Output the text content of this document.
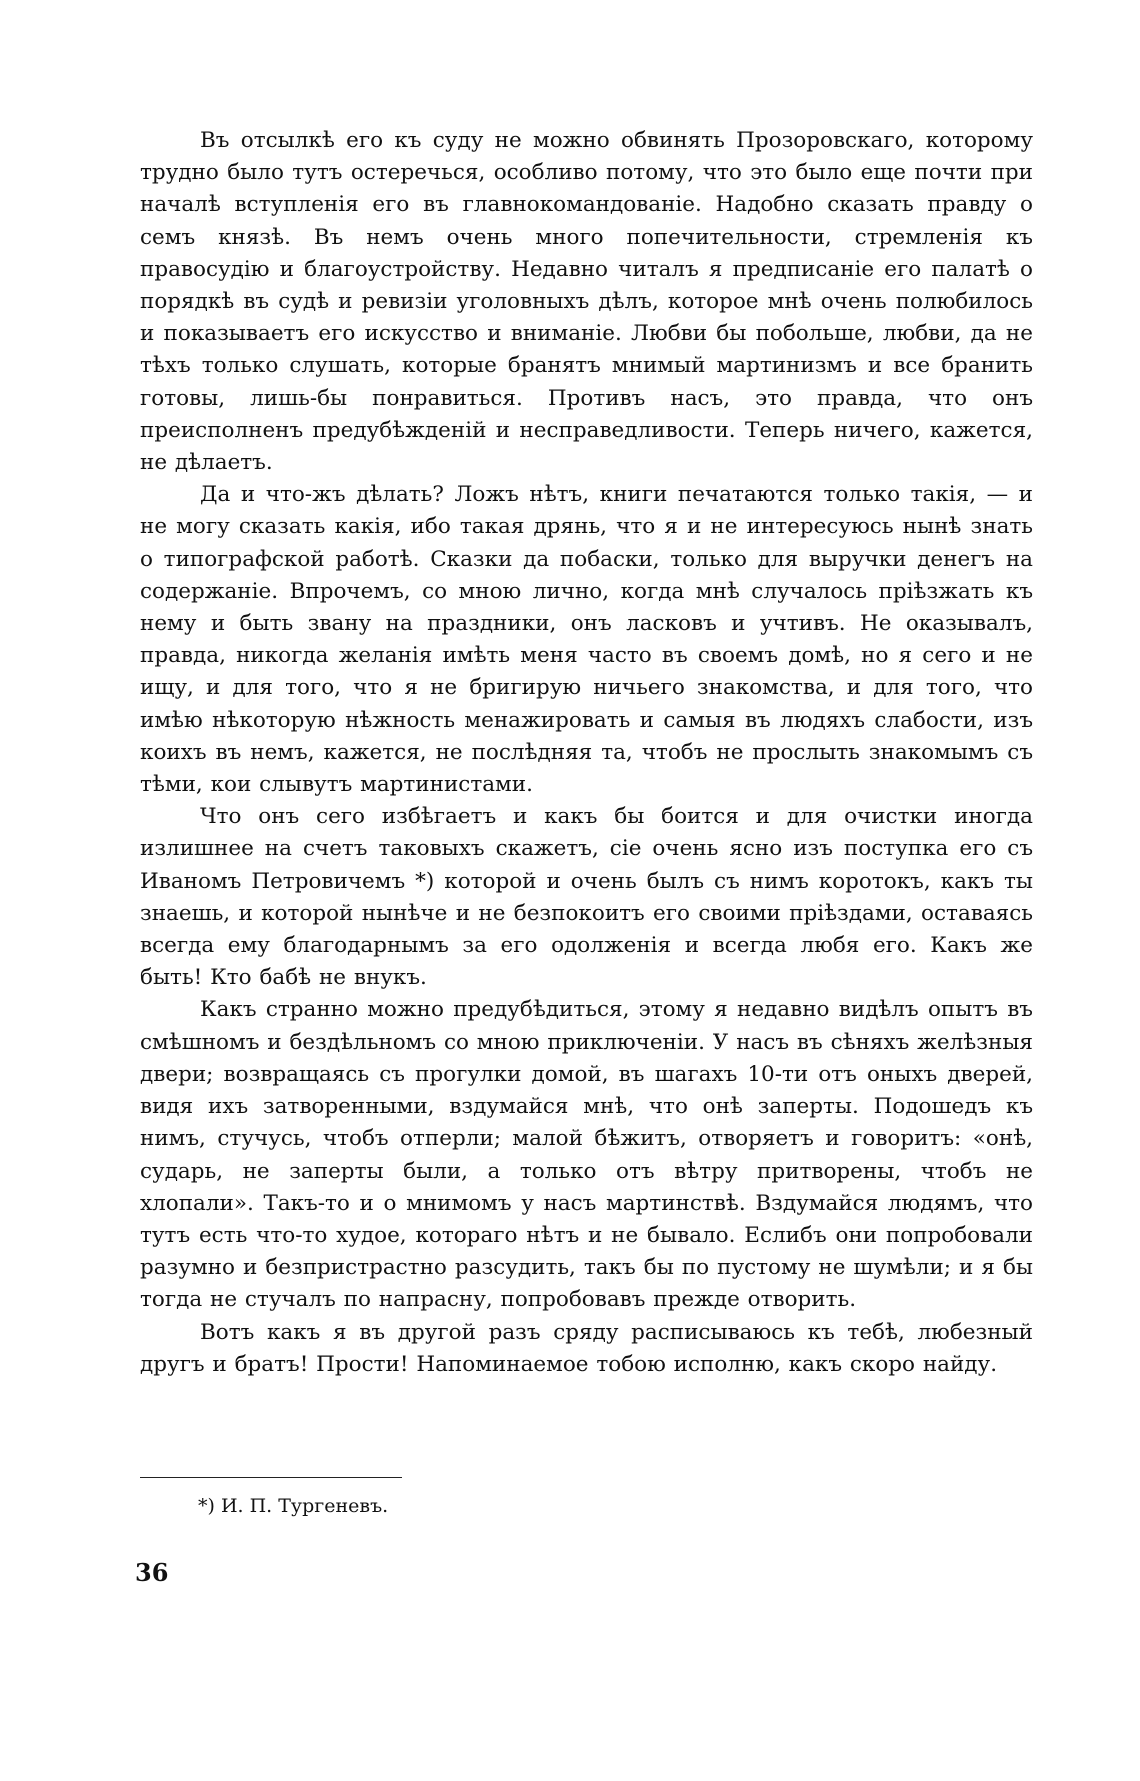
Въ отсылкѣ его къ суду не можно обвинять Прозоровскаго, которому трудно было тутъ остеречься, особливо потому, что это было еще почти при началѣ вступленія его въ главнокомандованіе. Надобно сказать правду о семъ князѣ. Въ немъ очень много попечительности, стремленія къ правосудію и благоустройству. Недавно читалъ я предписаніе его палатѣ о порядкѣ въ судѣ и ревизіи уголовныхъ дѣлъ, которое мнѣ очень полюбилось и показываетъ его искусство и вниманіе. Любви бы побольше, любви, да не тѣхъ только слушать, которые бранятъ мнимый мартинизмъ и все бранить готовы, лишь-бы понравиться. Противъ насъ, это правда, что онъ преисполненъ предубѣжденій и несправедливости. Теперь ничего, кажется, не дѣлаетъ.

Да и что-жъ дѣлать? Ложъ нѣтъ, книги печатаются только такія, — и не могу сказать какія, ибо такая дрянь, что я и не интересуюсь нынѣ знать о типографской работѣ. Сказки да побаски, только для выручки денегъ на содержаніе. Впрочемъ, со мною лично, когда мнѣ случалось пріѣзжать къ нему и быть звану на праздники, онъ ласковъ и учтивъ. Не оказывалъ, правда, никогда желанія имѣть меня часто въ своемъ домѣ, но я сего и не ищу, и для того, что я не бригирую ничьего знакомства, и для того, что имѣю нѣкоторую нѣжность менажировать и самыя въ людяхъ слабости, изъ коихъ въ немъ, кажется, не послѣдняя та, чтобъ не прослыть знакомымъ съ тѣми, кои слывутъ мартинистами.

Что онъ сего избѣгаетъ и какъ бы боится и для очистки иногда излишнее на счетъ таковыхъ скажетъ, сіе очень ясно изъ поступка его съ Иваномъ Петровичемъ *) которой и очень былъ съ нимъ коротокъ, какъ ты знаешь, и которой нынѣче и не безпокоитъ его своими пріѣздами, оставаясь всегда ему благодарнымъ за его одолженія и всегда любя его. Какъ же быть! Кто бабѣ не внукъ.

Какъ странно можно предубѣдиться, этому я недавно видѣлъ опытъ въ смѣшномъ и бездѣльномъ со мною приключеніи. У насъ въ сѣняхъ желѣзныя двери; возвращаясь съ прогулки домой, въ шагахъ 10-ти отъ оныхъ дверей, видя ихъ затворенными, вздумайся мнѣ, что онѣ заперты. Подошедъ къ нимъ, стучусь, чтобъ отперли; малой бѣжитъ, отворяетъ и говоритъ: «онѣ, сударь, не заперты были, а только отъ вѣтру притворены, чтобъ не хлопали». Такъ-то и о мнимомъ у насъ мартинствѣ. Вздумайся людямъ, что тутъ есть что-то худое, котораго нѣтъ и не бывало. Еслибъ они попробовали разумно и безпристрастно разсудить, такъ бы по пустому не шумѣли; и я бы тогда не стучалъ по напрасну, попробовавъ прежде отворить.

Вотъ какъ я въ другой разъ сряду расписываюсь къ тебѣ, любезный другъ и братъ! Прости! Напоминаемое тобою исполню, какъ скоро найду.

*) И. П. Тургеневъ.
36
